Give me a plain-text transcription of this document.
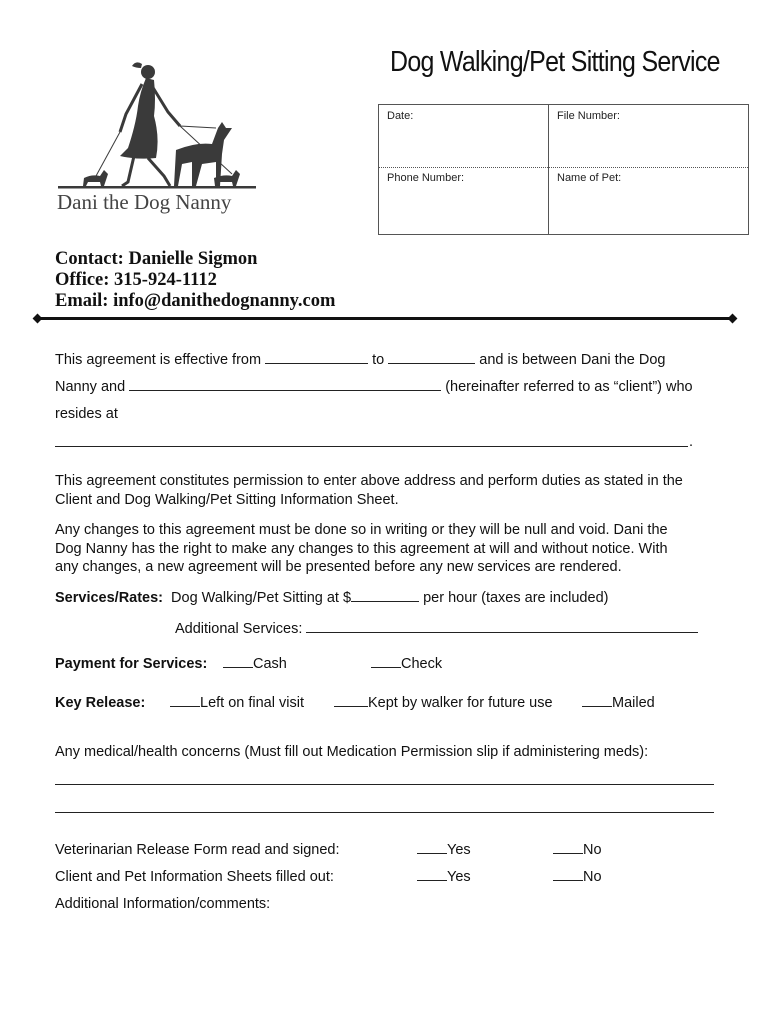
Dog Walking/Pet Sitting Service
Dani the Dog Nanny
Date:	File Number:
Phone Number:	Name of Pet:
Contact: Danielle Sigmon
Office: 315-924-1112
Email: info@danithedognanny.com
This agreement is effective from	to	and is between Dani the Dog
Nanny and	(hereinafter referred to as “client”) who
resides at
.
This agreement constitutes permission to enter above address and perform duties as stated in the
Client and Dog Walking/Pet Sitting Information Sheet.
Any changes to this agreement must be done so in writing or they will be null and void. Dani the
Dog Nanny has the right to make any changes to this agreement at will and without notice. With
any changes, a new agreement will be presented before any new services are rendered.
Services/Rates: Dog Walking/Pet Sitting at $	per hour (taxes are included)
Additional Services:
Payment for Services:	Cash	Check
Key Release:	Left on final visit	Kept by walker for future use	Mailed
Any medical/health concerns (Must fill out Medication Permission slip if administering meds):
Veterinarian Release Form read and signed:	Yes	No
Client and Pet Information Sheets filled out:	Yes	No
Additional Information/comments:
